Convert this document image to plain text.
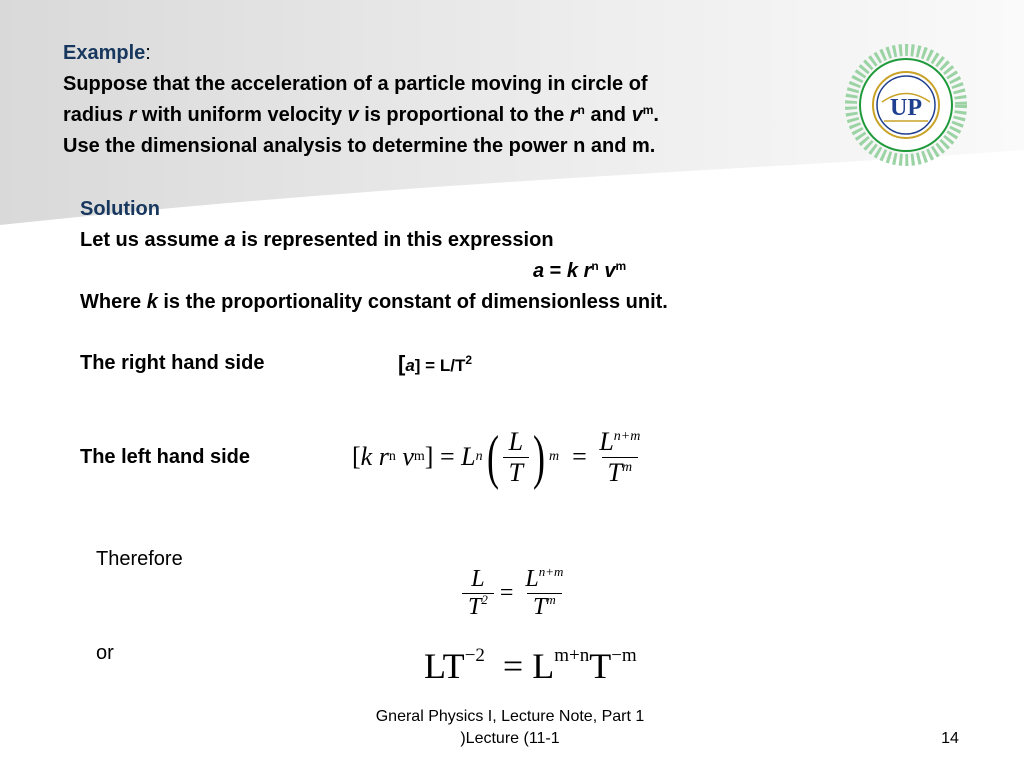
Example:
Suppose that the acceleration of a particle moving in circle of
radius r with uniform velocity v is proportional to the $r^n$ and $v^m$.
Use the dimensional analysis to determine the power n and m.
UP
Solution
Let us assume a is represented in this expression
a = k $r^n$ $v^m$
Where k is the proportionality constant of dimensionless unit.
The right hand side	$[a] = L/T^2$
The left hand side	[ k
r n
v m ]
=
L n ( $\frac{L}{T}$ ) m
=
$\frac{L^{n+m}}{T^m}$
Therefore
$\frac{L}{T^2}$
=
$\frac{L^{n+m}}{T^m}$
or	$LT^{-2} = L^{m+n}T^{-m}$
Gneral Physics I, Lecture Note, Part 1
)Lecture (11-1	14
